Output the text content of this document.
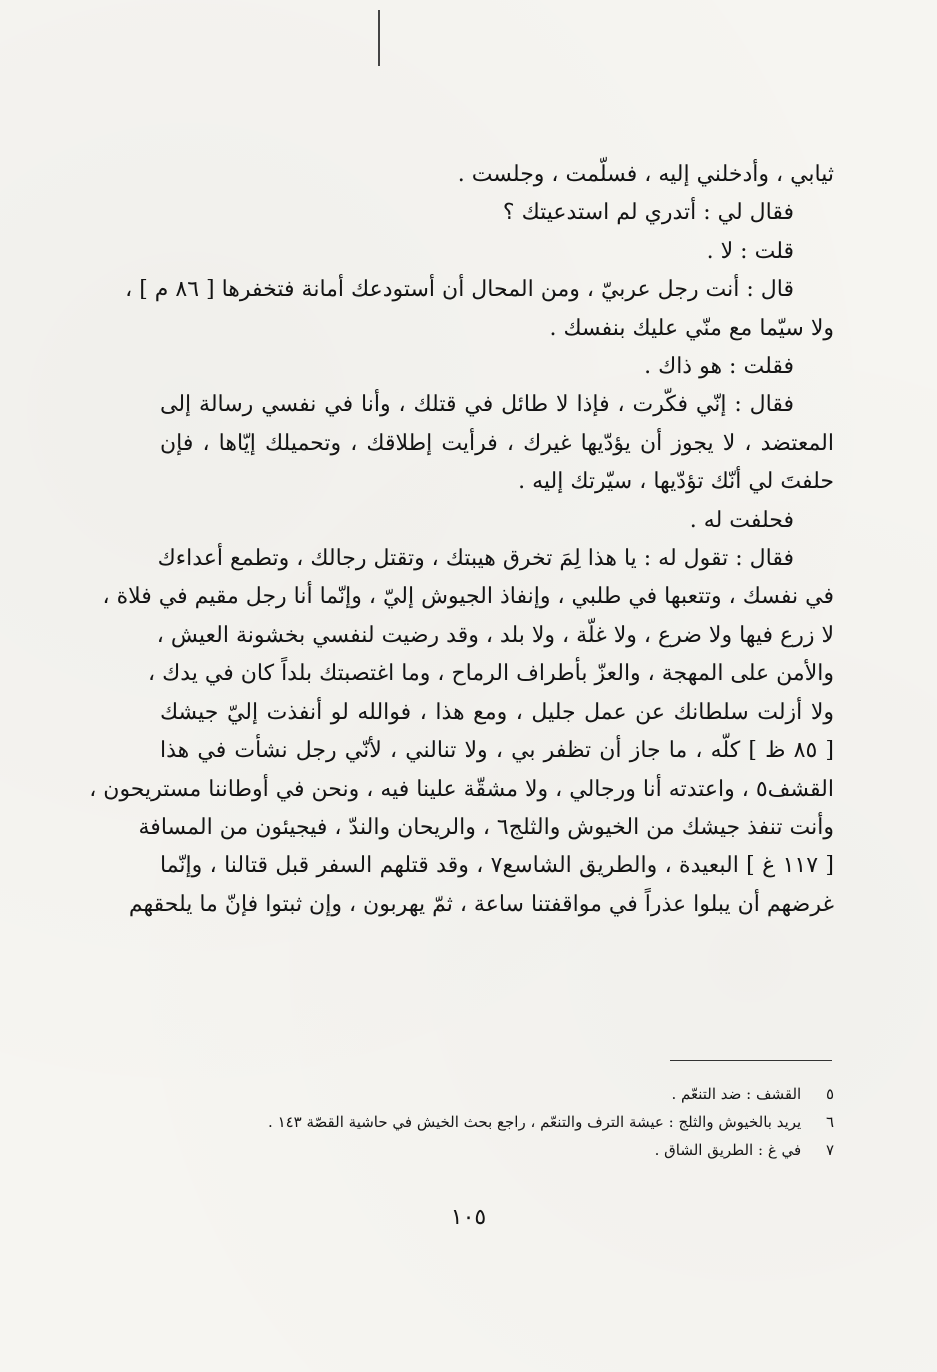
ثيابي ، وأدخلني إليه ، فسلّمت ، وجلست .
فقال لي : أتدري لم استدعيتك ؟
قلت : لا .
قال : أنت رجل عربيّ ، ومن المحال أن أستودعك أمانة فتخفرها [ ٨٦ م ] ،
ولا سيّما مع منّي عليك بنفسك .
فقلت : هو ذاك .
فقال : إنّي فكّرت ، فإذا لا طائل في قتلك ، وأنا في نفسي رسالة إلى
المعتضد ، لا يجوز أن يؤدّيها غيرك ، فرأيت إطلاقك ، وتحميلك إيّاها ، فإن
حلفتَ لي أنّك تؤدّيها ، سيّرتك إليه .
فحلفت له .
فقال : تقول له : يا هذا لِمَ تخرق هيبتك ، وتقتل رجالك ، وتطمع أعداءك
في نفسك ، وتتعبها في طلبي ، وإنفاذ الجيوش إليّ ، وإنّما أنا رجل مقيم في فلاة ،
لا زرع فيها ولا ضرع ، ولا غلّة ، ولا بلد ، وقد رضيت لنفسي بخشونة العيش ،
والأمن على المهجة ، والعزّ بأطراف الرماح ، وما اغتصبتك بلداً كان في يدك ،
ولا أزلت سلطانك عن عمل جليل ، ومع هذا ، فوالله لو أنفذت إليّ جيشك
[ ٨٥ ظ ] كلّه ، ما جاز أن تظفر بي ، ولا تنالني ، لأنّي رجل نشأت في هذا
القشف٥ ، واعتدته أنا ورجالي ، ولا مشقّة علينا فيه ، ونحن في أوطاننا مستريحون ،
وأنت تنفذ جيشك من الخيوش والثلج٦ ، والريحان والندّ ، فيجيئون من المسافة
[ ١١٧ غ ] البعيدة ، والطريق الشاسع٧ ، وقد قتلهم السفر قبل قتالنا ، وإنّما
غرضهم أن يبلوا عذراً في مواقفتنا ساعة ، ثمّ يهربون ، وإن ثبتوا فإنّ ما يلحقهم
٥ القشف : ضد التنعّم .
٦ يريد بالخيوش والثلج : عيشة الترف والتنعّم ، راجع بحث الخيش في حاشية القصّة ١٤٣ .
٧ في غ : الطريق الشاق .
١٠٥
